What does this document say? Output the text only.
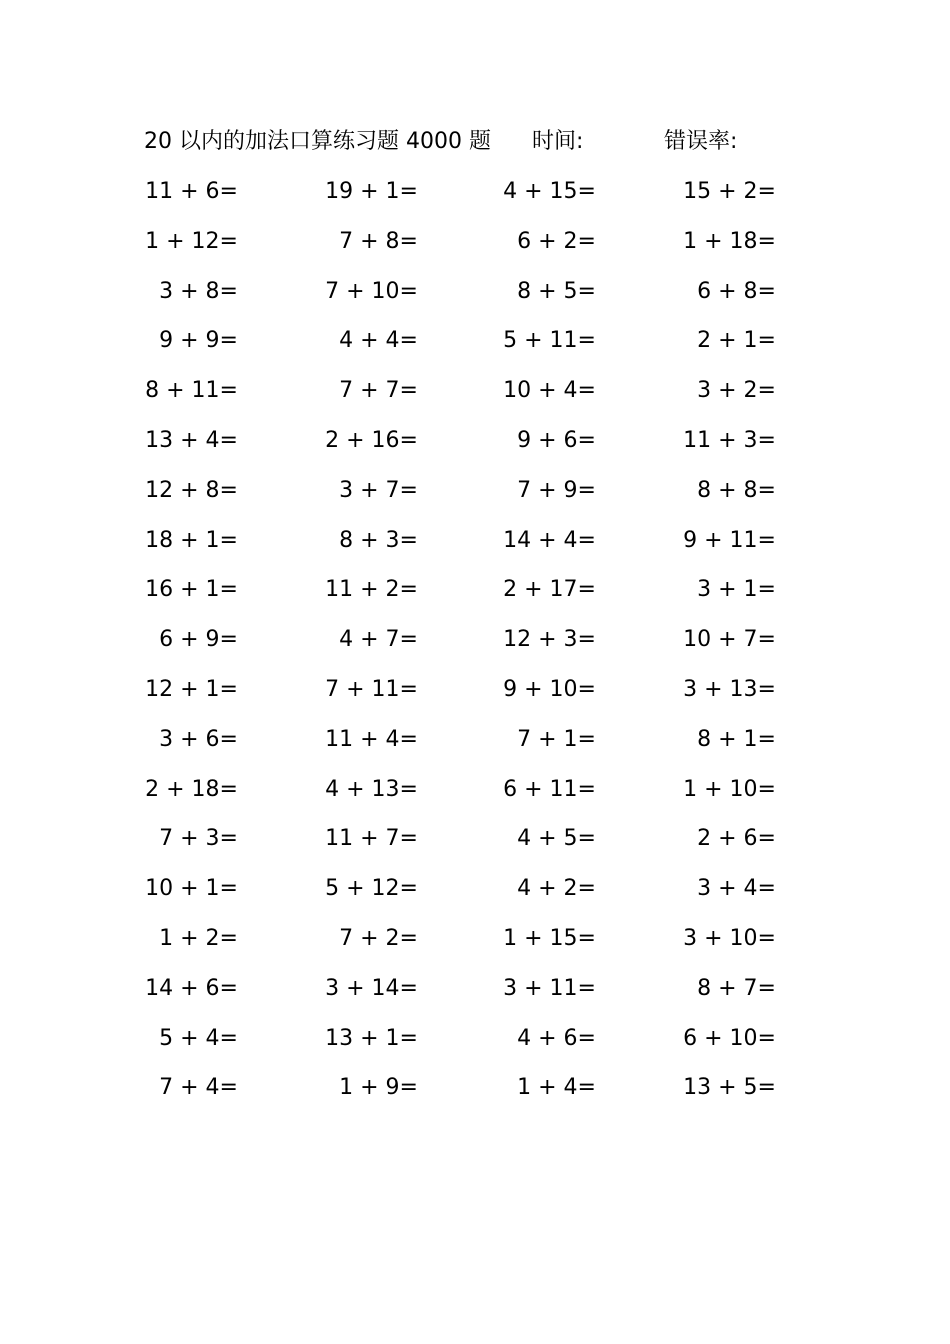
20 以内的加法口算练习题 4000 题 时间:	错误率:
11 + 6=	19 + 1=	4 + 15=	15 + 2=
1 + 12=	7 + 8=	6 + 2=	1 + 18=
3 + 8=	7 + 10=	8 + 5=	6 + 8=
9 + 9=	4 + 4=	5 + 11=	2 + 1=
8 + 11=	7 + 7=	10 + 4=	3 + 2=
13 + 4=	2 + 16=	9 + 6=	11 + 3=
12 + 8=	3 + 7=	7 + 9=	8 + 8=
18 + 1=	8 + 3=	14 + 4=	9 + 11=
16 + 1=	11 + 2=	2 + 17=	3 + 1=
6 + 9=	4 + 7=	12 + 3=	10 + 7=
12 + 1=	7 + 11=	9 + 10=	3 + 13=
3 + 6=	11 + 4=	7 + 1=	8 + 1=
2 + 18=	4 + 13=	6 + 11=	1 + 10=
7 + 3=	11 + 7=	4 + 5=	2 + 6=
10 + 1=	5 + 12=	4 + 2=	3 + 4=
1 + 2=	7 + 2=	1 + 15=	3 + 10=
14 + 6=	3 + 14=	3 + 11=	8 + 7=
5 + 4=	13 + 1=	4 + 6=	6 + 10=
7 + 4=	1 + 9=	1 + 4=	13 + 5=
